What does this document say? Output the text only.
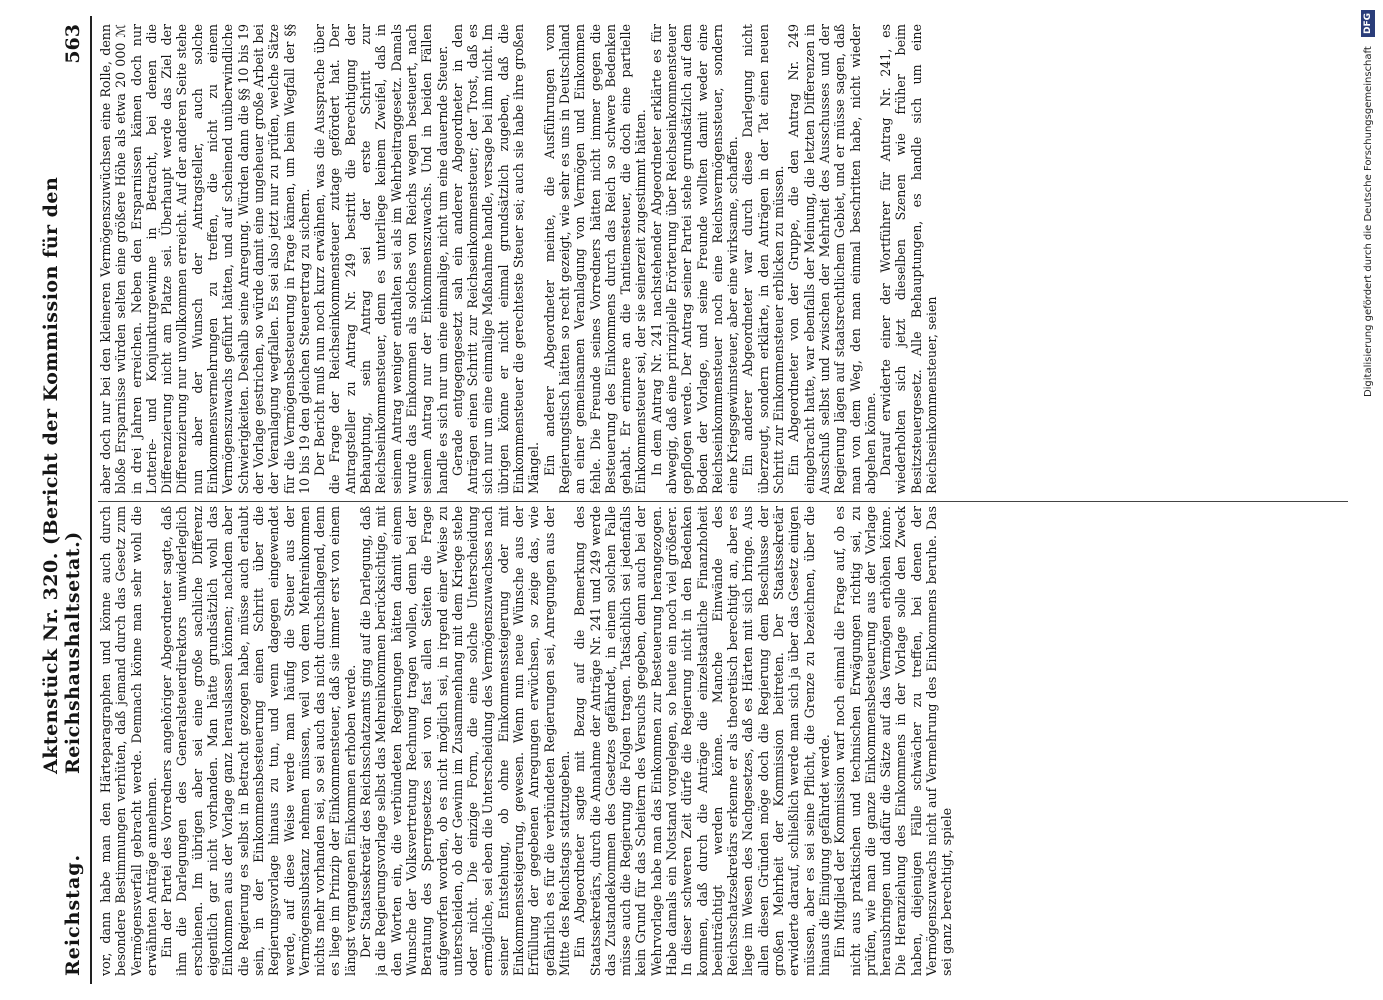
Reichstag.
Aktenstück Nr. 320. (Bericht der Kommission für den Reichshaushaltsetat.)
563

vor, dann habe man den Härteparagraphen und könne auch durch besondere Bestimmungen verhüten, daß jemand durch das Gesetz zum Vermögensverfall gebracht werde. Demnach könne man sehr wohl die erwähnten Anträge annehmen. Ein der Partei des Vorredners angehöriger Abgeordneter sagte, daß ihm die Darlegungen des Generalsteuerdirektors unwiderleglich erschienen. Im übrigen aber sei eine große sachliche Differenz eigentlich gar nicht vorhanden. Man hätte grundsätzlich wohl das Einkommen aus der Vorlage ganz herauslassen können; nachdem aber die Regierung es selbst in Betracht gezogen habe, müsse auch erlaubt sein, in der Einkommensbesteuerung einen Schritt über die Regierungsvorlage hinaus zu tun, und wenn dagegen eingewendet werde, auf diese Weise werde man häufig die Steuer aus der Vermögenssubstanz nehmen müssen, weil von dem Mehreinkommen nichts mehr vorhanden sei, so sei auch das nicht durchschlagend, denn es liege im Prinzip der Einkommensteuer, daß sie immer erst von einem längst vergangenen Einkommen erhoben werde. Der Staatssekretär des Reichsschatzamts ging auf die Darlegung, daß ja die Regierungsvorlage selbst das Mehreinkommen berücksichtige, mit den Worten ein, die verbündeten Regierungen hätten damit einem Wunsche der Volksvertretung Rechnung tragen wollen, denn bei der Beratung des Sperrgesetzes sei von fast allen Seiten die Frage aufgeworfen worden, ob es nicht möglich sei, in irgend einer Weise zu unterscheiden, ob der Gewinn im Zusammenhang mit dem Kriege stehe oder nicht. Die einzige Form, die eine solche Unterscheidung ermögliche, sei eben die Unterscheidung des Vermögenszuwachses nach seiner Entstehung, ob ohne Einkommenssteigerung oder mit Einkommenssteigerung, gewesen. Wenn nun neue Wünsche aus der Erfüllung der gegebenen Anregungen erwüchsen, so zeige das, wie gefährlich es für die verbündeten Regierungen sei, Anregungen aus der Mitte des Reichstags stattzugeben. Ein Abgeordneter sagte mit Bezug auf die Bemerkung des Staatssekretärs, durch die Annahme der Anträge Nr. 241 und 249 werde das Zustandekommen des Gesetzes gefährdet, in einem solchen Falle müsse auch die Regierung die Folgen tragen. Tatsächlich sei jedenfalls kein Grund für das Scheitern des Versuchs gegeben, denn auch bei der Wehrvorlage habe man das Einkommen zur Besteuerung herangezogen. Habe damals ein Notstand vorgelegen, so heute ein noch viel größerer. In dieser schweren Zeit dürfe die Regierung nicht in den Bedenken kommen, daß durch die Anträge die einzelstaatliche Finanzhoheit beeinträchtigt werden könne. Manche Einwände des Reichsschatzsekretärs erkenne er als theoretisch berechtigt an, aber es liege im Wesen des Nachgesetzes, daß es Härten mit sich bringe. Aus allen diesen Gründen möge doch die Regierung dem Beschlusse der großen Mehrheit der Kommission beitreten. Der Staatssekretär erwiderte darauf, schließlich werde man sich ja über das Gesetz einigen müssen, aber es sei seine Pflicht, die Grenze zu bezeichnen, über die hinaus die Einigung gefährdet werde. Ein Mitglied der Kommission warf noch einmal die Frage auf, ob es nicht aus praktischen und technischen Erwägungen richtig sei, zu prüfen, wie man die ganze Einkommensbesteuerung aus der Vorlage herausbringen und dafür die Sätze auf das Vermögen erhöhen könne. Die Heranziehung des Einkommens in der Vorlage solle den Zweck haben, diejenigen Fälle schwächer zu treffen, bei denen der Vermögenszuwachs nicht auf Vermehrung des Einkommens beruhe. Das sei ganz berechtigt, spiele

aber doch nur bei den kleineren Vermögenszuwüchsen eine Rolle, denn bloße Ersparnisse würden selten eine größere Höhe als etwa 20 000 ℳ in drei Jahren erreichen. Neben den Ersparnissen kämen doch nur Lotterie- und Konjunkturgewinne in Betracht, bei denen die Differenzierung nicht am Platze sei. Überhaupt werde das Ziel der Differenzierung nur unvollkommen erreicht. Auf der anderen Seite stehe nun aber der Wunsch der Antragsteller, auch solche Einkommensvermehrungen zu treffen, die nicht zu einem Vermögenszuwachs geführt hätten, und auf scheinend unüberwindliche Schwierigkeiten. Deshalb seine Anregung. Würden dann die §§ 10 bis 19 der Vorlage gestrichen, so würde damit eine ungeheuer große Arbeit bei der Veranlagung wegfallen. Es sei also jetzt nur zu prüfen, welche Sätze für die Vermögensbesteuerung in Frage kämen, um beim Wegfall der §§ 10 bis 19 den gleichen Steuerertrag zu sichern. Der Bericht muß nun noch kurz erwähnen, was die Aussprache über die Frage der Reichseinkommensteuer zutage gefördert hat. Der Antragsteller zu Antrag Nr. 249 bestritt die Berechtigung der Behauptung, sein Antrag sei der erste Schritt zur Reichseinkommensteuer, denn es unterliege keinem Zweifel, daß in seinem Antrag weniger enthalten sei als im Wehrbeitraggesetz. Damals wurde das Einkommen als solches von Reichs wegen besteuert, nach seinem Antrag nur der Einkommenszuwachs. Und in beiden Fällen handle es sich nur um eine einmalige, nicht um eine dauernde Steuer. Gerade entgegengesetzt sah ein anderer Abgeordneter in den Anträgen einen Schritt zur Reichseinkommensteuer; der Trost, daß es sich nur um eine einmalige Maßnahme handle, versage bei ihm nicht. Im übrigen könne er nicht einmal grundsätzlich zugeben, daß die Einkommensteuer die gerechteste Steuer sei; auch sie habe ihre großen Mängel. Ein anderer Abgeordneter meinte, die Ausführungen vom Regierungstisch hätten so recht gezeigt, wie sehr es uns in Deutschland an einer gemeinsamen Veranlagung von Vermögen und Einkommen fehle. Die Freunde seines Vorredners hätten nicht immer gegen die Besteuerung des Einkommens durch das Reich so schwere Bedenken gehabt. Er erinnere an die Tantiemesteuer, die doch eine partielle Einkommensteuer sei, der sie seinerzeit zugestimmt hätten. In dem Antrag Nr. 241 nachstehender Abgeordneter erklärte es für abwegig, daß eine prinzipielle Erörterung über Reichseinkommensteuer gepflogen werde. Der Antrag seiner Partei stehe grundsätzlich auf dem Boden der Vorlage, und seine Freunde wollten damit weder eine Reichseinkommensteuer noch eine Reichsvermögenssteuer, sondern eine Kriegsgewinnsteuer, aber eine wirksame, schaffen. Ein anderer Abgeordneter war durch diese Darlegung nicht überzeugt, sondern erklärte, in den Anträgen in der Tat einen neuen Schritt zur Einkommensteuer erblicken zu müssen. Ein Abgeordneter von der Gruppe, die den Antrag Nr. 249 eingebracht hatte, war ebenfalls der Meinung, die letzten Differenzen in Ausschuß selbst und zwischen der Mehrheit des Ausschusses und der Regierung lägen auf staatsrechtlichem Gebiet, und er müsse sagen, daß man von dem Weg, den man einmal beschritten habe, nicht wieder abgehen könne. Darauf erwiderte einer der Wortführer für Antrag Nr. 241, es wiederholten sich jetzt dieselben Szenen wie früher beim Besitzsteuergesetz. Alle Behauptungen, es handle sich um eine Reichseinkommensteuer, seien	Digitalisierung gefördert durch die Deutsche Forschungsgemeinschaft DFG
